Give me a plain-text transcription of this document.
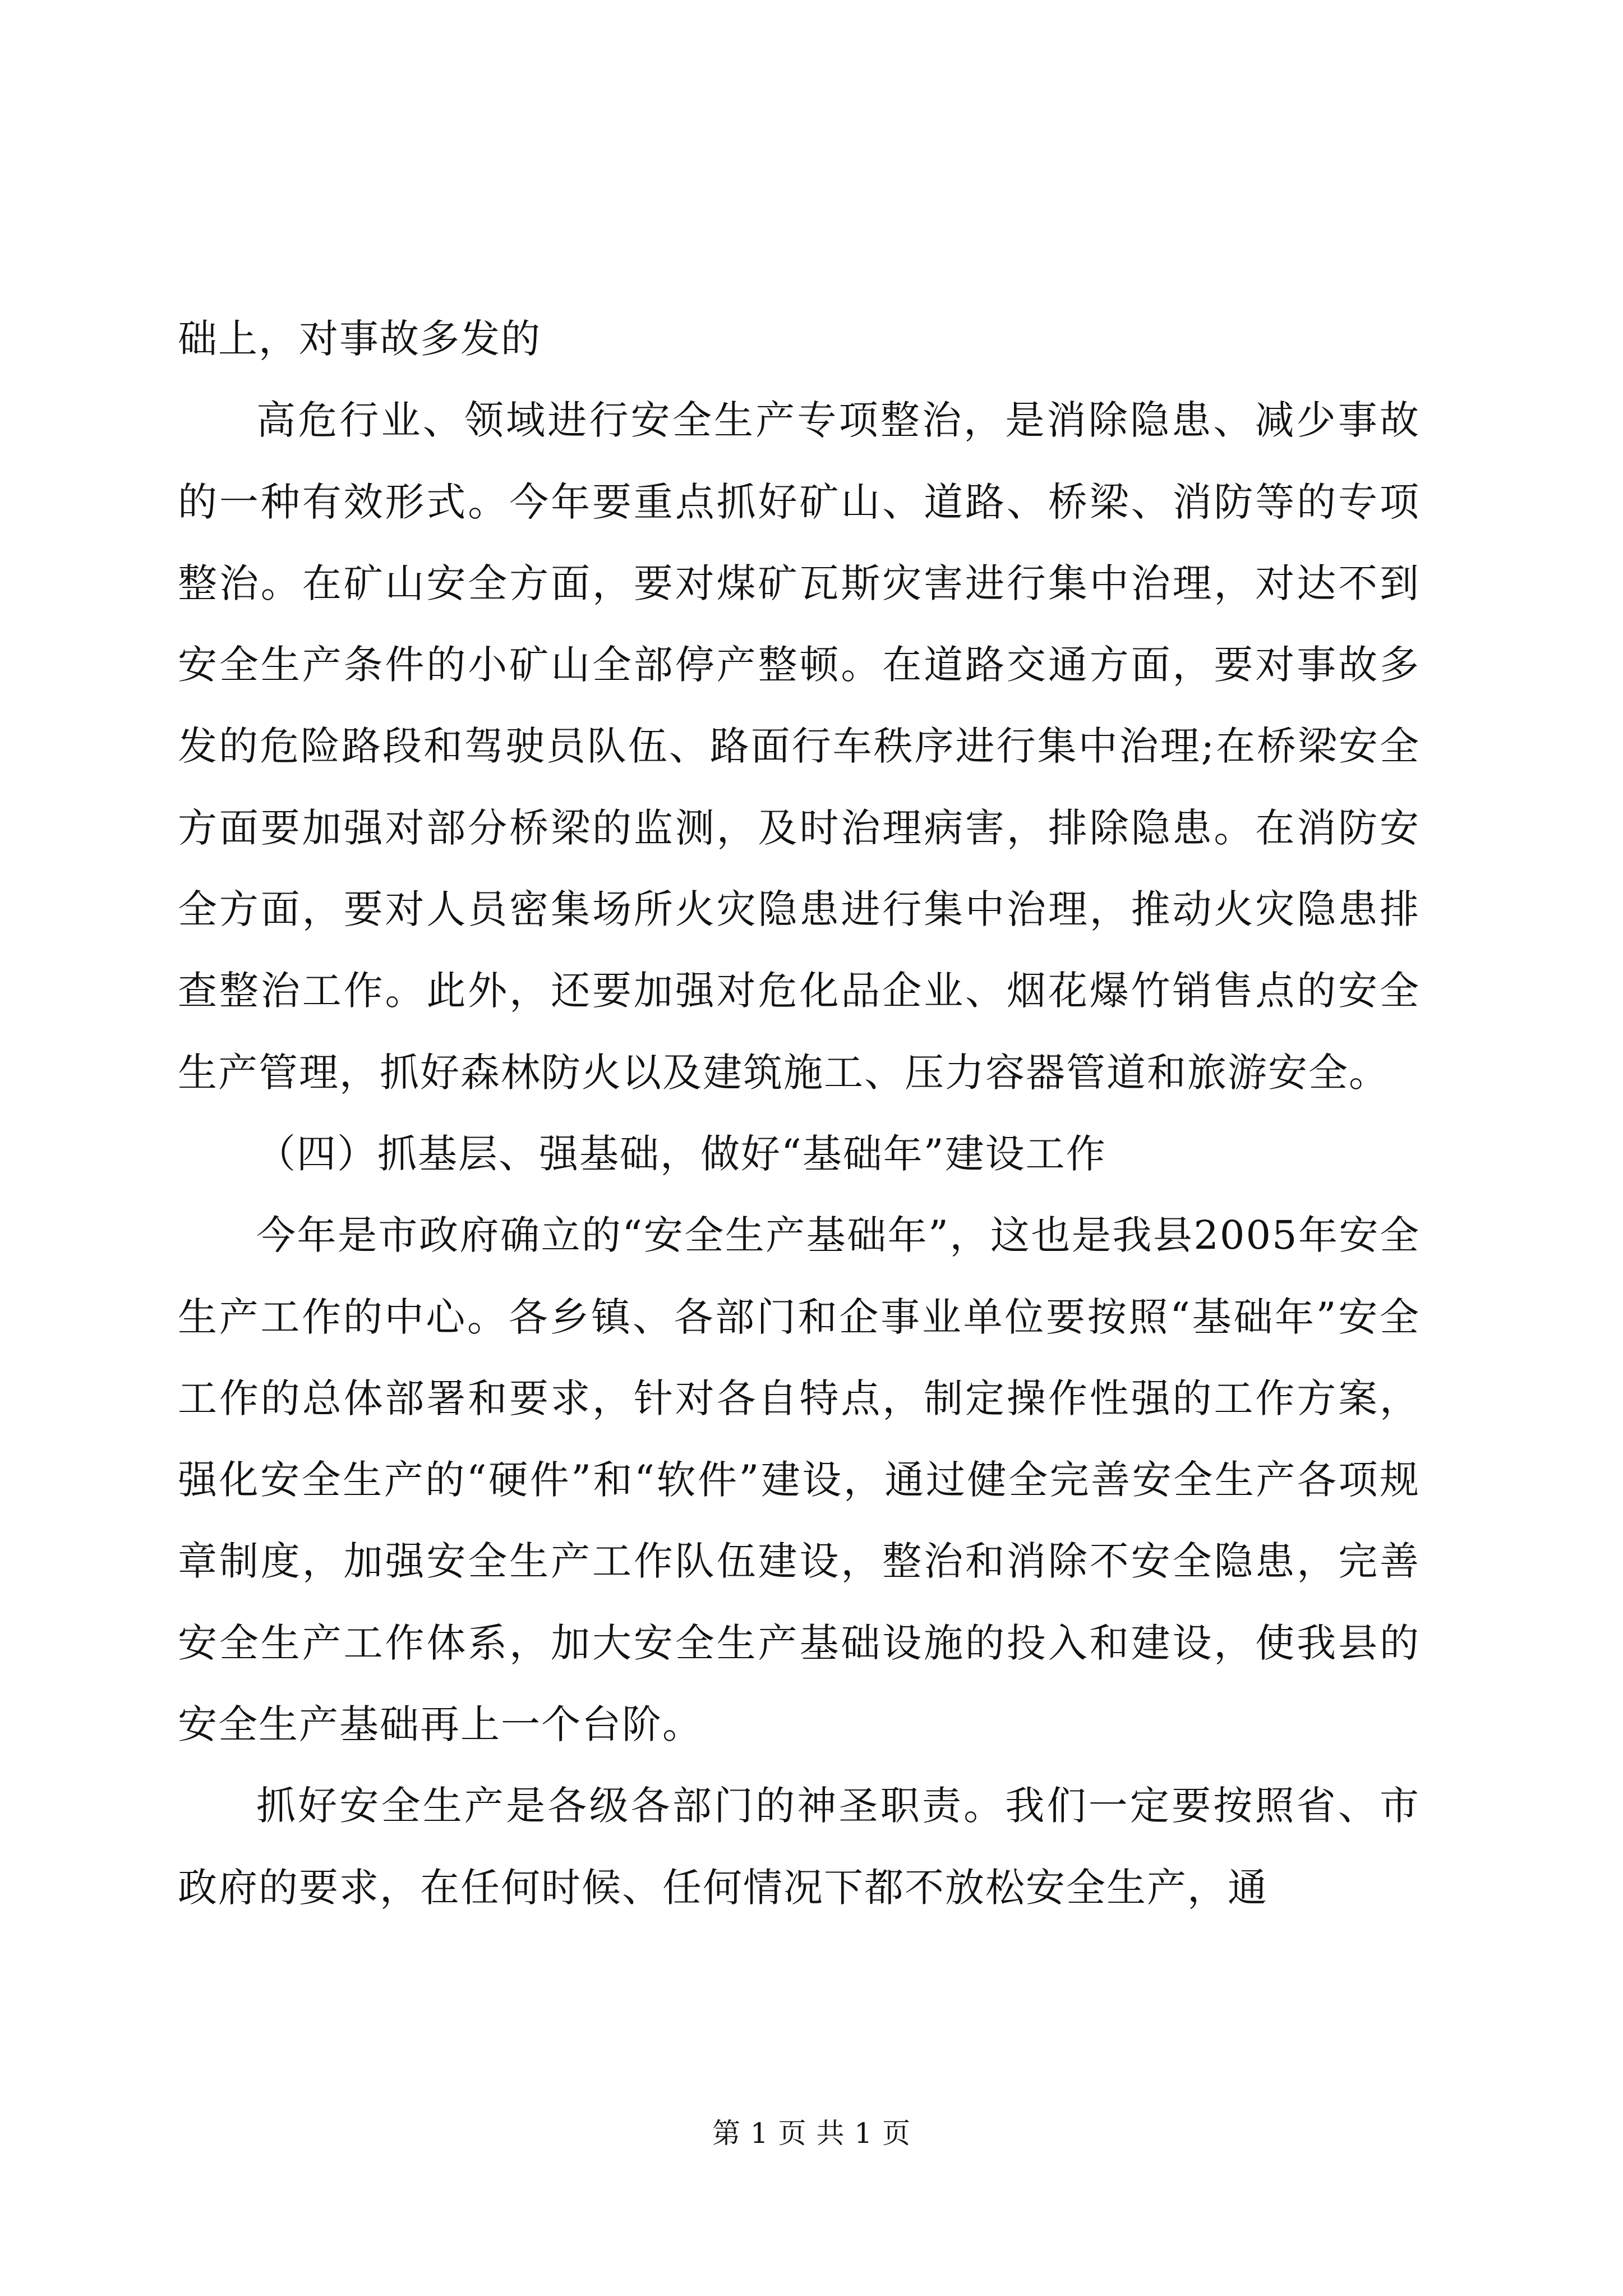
础上，对事故多发的

高危行业、领域进行安全生产专项整治，是消除隐患、减少事故的一种有效形式。今年要重点抓好矿山、道路、桥梁、消防等的专项整治。在矿山安全方面，要对煤矿瓦斯灾害进行集中治理，对达不到安全生产条件的小矿山全部停产整顿。在道路交通方面，要对事故多发的危险路段和驾驶员队伍、路面行车秩序进行集中治理;在桥梁安全方面要加强对部分桥梁的监测，及时治理病害，排除隐患。在消防安全方面，要对人员密集场所火灾隐患进行集中治理，推动火灾隐患排查整治工作。此外，还要加强对危化品企业、烟花爆竹销售点的安全生产管理，抓好森林防火以及建筑施工、压力容器管道和旅游安全。

（四）抓基层、强基础，做好“基础年”建设工作

今年是市政府确立的“安全生产基础年”，这也是我县2005年安全生产工作的中心。各乡镇、各部门和企事业单位要按照“基础年”安全工作的总体部署和要求，针对各自特点，制定操作性强的工作方案，强化安全生产的“硬件”和“软件”建设，通过健全完善安全生产各项规章制度，加强安全生产工作队伍建设，整治和消除不安全隐患，完善安全生产工作体系，加大安全生产基础设施的投入和建设，使我县的安全生产基础再上一个台阶。

抓好安全生产是各级各部门的神圣职责。我们一定要按照省、市政府的要求，在任何时候、任何情况下都不放松安全生产，通

第 1 页 共 1 页
